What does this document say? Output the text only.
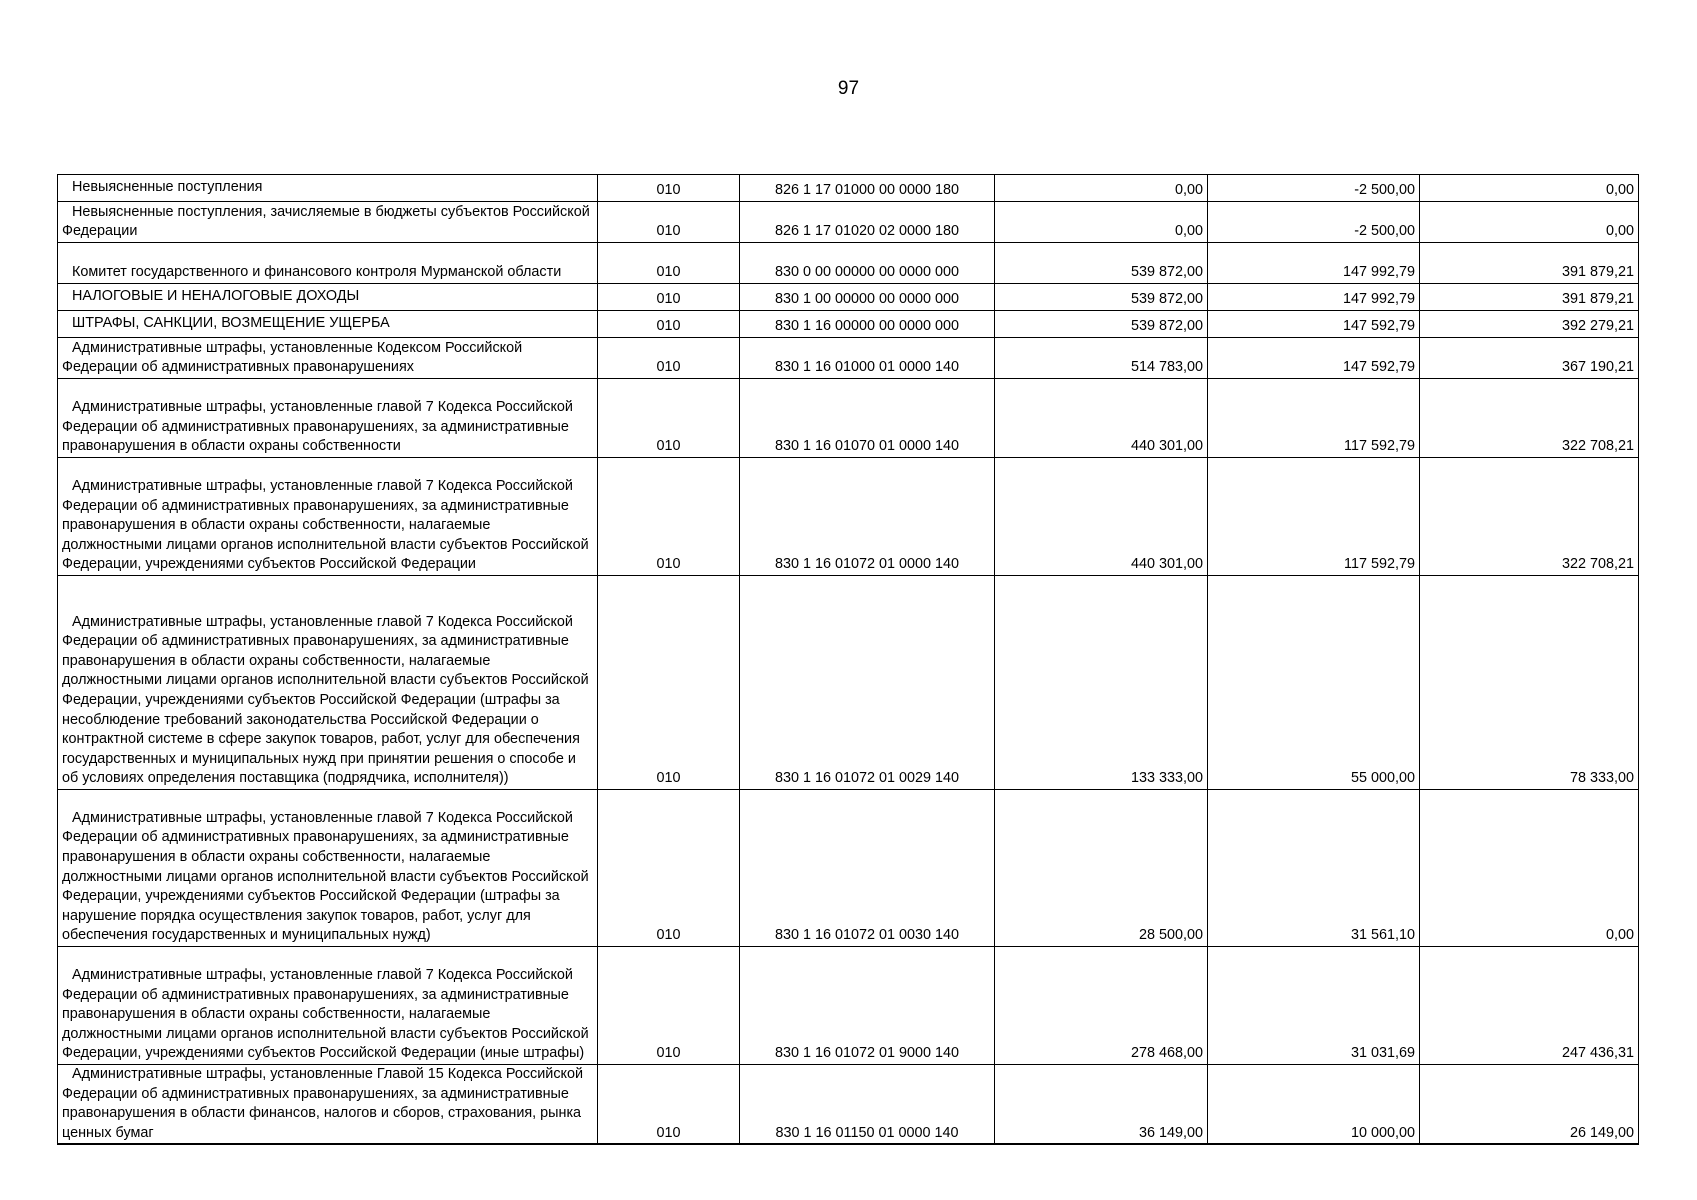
97
Невыясненные поступления	010	826 1 17 01000 00 0000 180	0,00	-2 500,00	0,00
Невыясненные поступления, зачисляемые в бюджеты субъектов Российской Федерации	010	826 1 17 01020 02 0000 180	0,00	-2 500,00	0,00
Комитет государственного и финансового контроля Мурманской области	010	830 0 00 00000 00 0000 000	539 872,00	147 992,79	391 879,21
НАЛОГОВЫЕ И НЕНАЛОГОВЫЕ ДОХОДЫ	010	830 1 00 00000 00 0000 000	539 872,00	147 992,79	391 879,21
ШТРАФЫ, САНКЦИИ, ВОЗМЕЩЕНИЕ УЩЕРБА	010	830 1 16 00000 00 0000 000	539 872,00	147 592,79	392 279,21
Административные штрафы, установленные Кодексом Российской Федерации об административных правонарушениях	010	830 1 16 01000 01 0000 140	514 783,00	147 592,79	367 190,21
Административные штрафы, установленные главой 7 Кодекса Российской Федерации об административных правонарушениях, за административные правонарушения в области охраны собственности	010	830 1 16 01070 01 0000 140	440 301,00	117 592,79	322 708,21
Административные штрафы, установленные главой 7 Кодекса Российской Федерации об административных правонарушениях, за административные правонарушения в области охраны собственности, налагаемые должностными лицами органов исполнительной власти субъектов Российской Федерации, учреждениями субъектов Российской Федерации	010	830 1 16 01072 01 0000 140	440 301,00	117 592,79	322 708,21
Административные штрафы, установленные главой 7 Кодекса Российской Федерации об административных правонарушениях, за административные правонарушения в области охраны собственности, налагаемые должностными лицами органов исполнительной власти субъектов Российской Федерации, учреждениями субъектов Российской Федерации (штрафы за несоблюдение требований законодательства Российской Федерации о контрактной системе в сфере закупок товаров, работ, услуг для обеспечения государственных и муниципальных нужд при принятии решения о способе и об условиях определения поставщика (подрядчика, исполнителя))	010	830 1 16 01072 01 0029 140	133 333,00	55 000,00	78 333,00
Административные штрафы, установленные главой 7 Кодекса Российской Федерации об административных правонарушениях, за административные правонарушения в области охраны собственности, налагаемые должностными лицами органов исполнительной власти субъектов Российской Федерации, учреждениями субъектов Российской Федерации (штрафы за нарушение порядка осуществления закупок товаров, работ, услуг для обеспечения государственных и муниципальных нужд)	010	830 1 16 01072 01 0030 140	28 500,00	31 561,10	0,00
Административные штрафы, установленные главой 7 Кодекса Российской Федерации об административных правонарушениях, за административные правонарушения в области охраны собственности, налагаемые должностными лицами органов исполнительной власти субъектов Российской Федерации, учреждениями субъектов Российской Федерации (иные штрафы)	010	830 1 16 01072 01 9000 140	278 468,00	31 031,69	247 436,31
Административные штрафы, установленные Главой 15 Кодекса Российской Федерации об административных правонарушениях, за административные правонарушения в области финансов, налогов и сборов, страхования, рынка ценных бумаг	010	830 1 16 01150 01 0000 140	36 149,00	10 000,00	26 149,00
